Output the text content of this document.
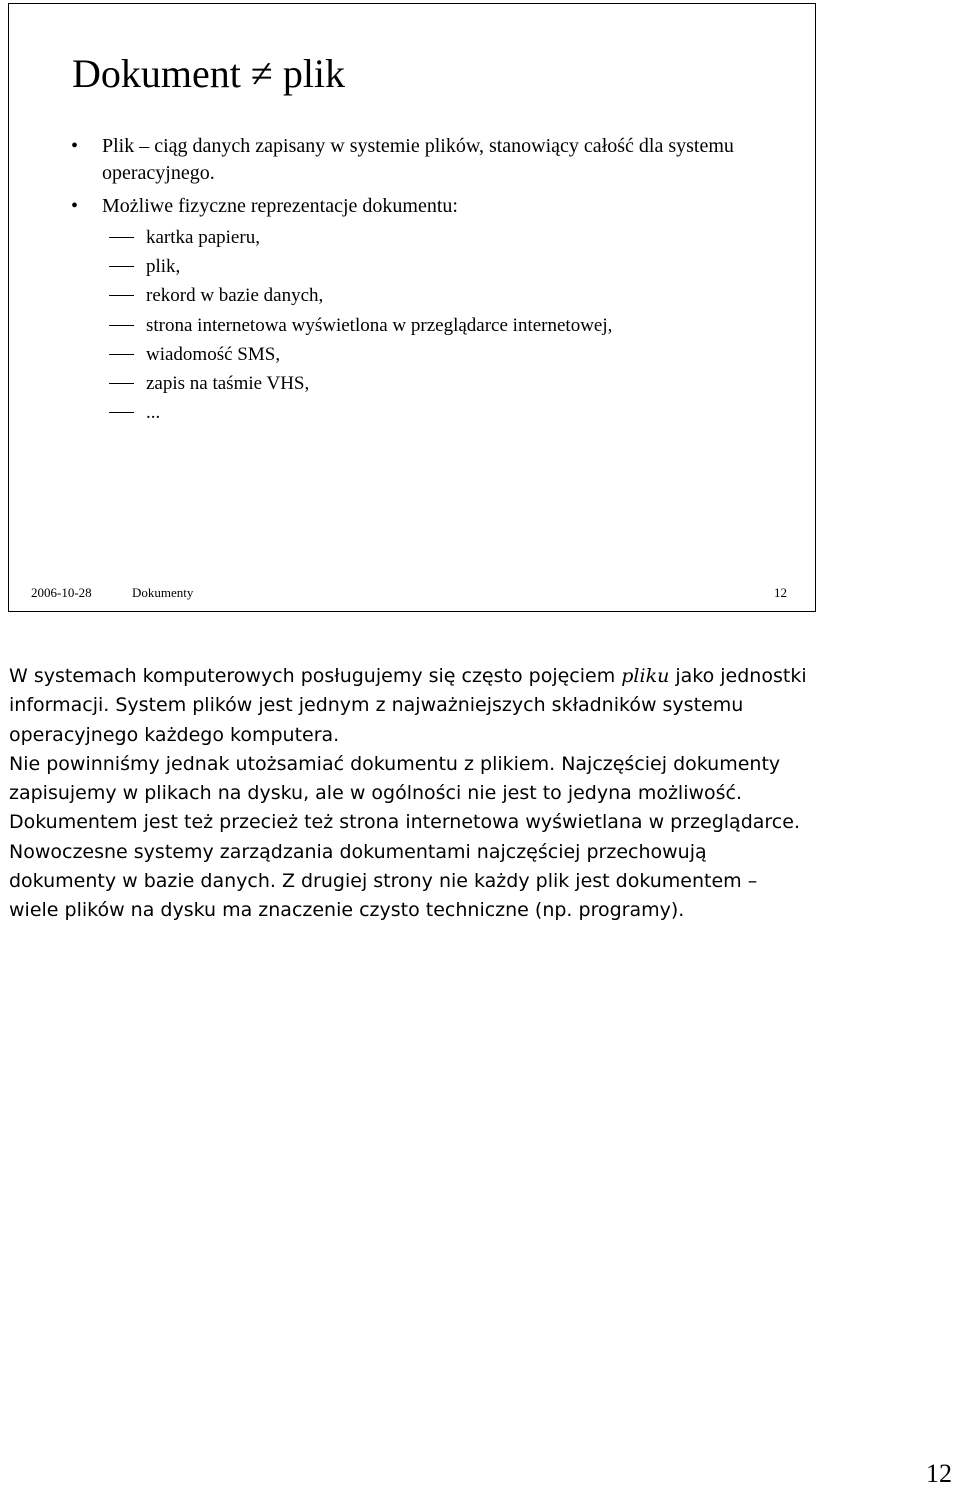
Dokument ≠ plik
• Plik – ciąg danych zapisany w systemie plików, stanowiący całość dla systemu operacyjnego.
• Możliwe fizyczne reprezentacje dokumentu:
kartka papieru,
plik,
rekord w bazie danych,
strona internetowa wyświetlona w przeglądarce internetowej,
wiadomość SMS,
zapis na taśmie VHS,
...
2006-10-28	Dokumenty	12

W systemach komputerowych posługujemy się często pojęciem pliku jako jednostki informacji. System plików jest jednym z najważniejszych składników systemu operacyjnego każdego komputera.

Nie powinniśmy jednak utożsamiać dokumentu z plikiem. Najczęściej dokumenty zapisujemy w plikach na dysku, ale w ogólności nie jest to jedyna możliwość. Dokumentem jest też przecież też strona internetowa wyświetlana w przeglądarce. Nowoczesne systemy zarządzania dokumentami najczęściej przechowują dokumenty w bazie danych. Z drugiej strony nie każdy plik jest dokumentem – wiele plików na dysku ma znaczenie czysto techniczne (np. programy).

12
